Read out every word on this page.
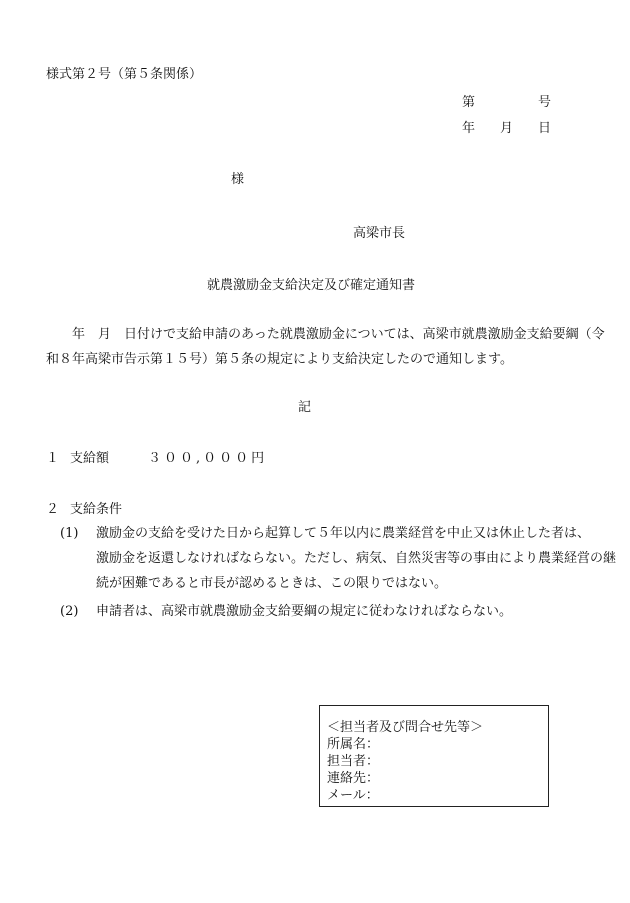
様式第２号（第５条関係）
第	号
年 月 日
様
高梁市長
就農激励金支給決定及び確定通知書
年　月　日付けで支給申請のあった就農激励金については、高梁市就農激励金支給要綱（令
和８年高梁市告示第１５号）第５条の規定により支給決定したので通知します。
記
１ 支給額	３００,０００円
２ 支給条件
(1)	激励金の支給を受けた日から起算して５年以内に農業経営を中止又は休止した者は、
激励金を返還しなければならない。ただし、病気、自然災害等の事由により農業経営の継
続が困難であると市長が認めるときは、この限りではない。
(2)	申請者は、高梁市就農激励金支給要綱の規定に従わなければならない。
＜担当者及び問合せ先等＞
所属名：
担当者：
連絡先：
メール：
